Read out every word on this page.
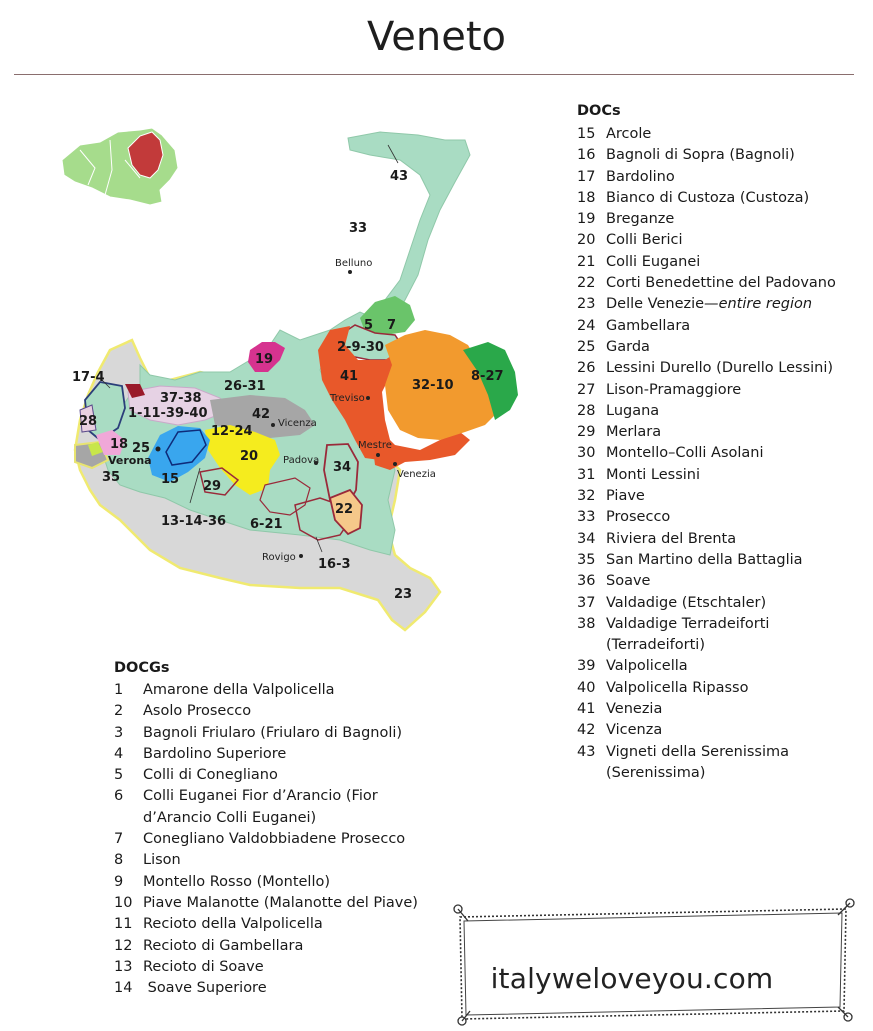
Veneto
43
33
5 7
2-9-30
19
41
32-10
8-27
17-4
37-38
1-11-39-40
26-31
42
28
18 25
12-24
20
35	15
34
29
13-14-36 6-21
22
16-3
23
Belluno
Treviso
Vicenza
Mestre
Venezia
Padova
Verona
Rovigo
DOCGs
1	Amarone della Valpolicella
2	Asolo Prosecco
3	Bagnoli Friularo (Friularo di Bagnoli)
4	Bardolino Superiore
5	Colli di Conegliano
6	Colli Euganei Fior d’Arancio (Fior d’Arancio Colli Euganei)
7	Conegliano Valdobbiadene Prosecco
8	Lison
9	Montello Rosso (Montello)
10 Piave Malanotte (Malanotte del Piave)
11 Recioto della Valpolicella
12 Recioto di Gambellara
13 Recioto di Soave
14 Soave Superiore
DOCs
15 Arcole
16 Bagnoli di Sopra (Bagnoli)
17 Bardolino
18 Bianco di Custoza (Custoza)
19 Breganze
20 Colli Berici
21 Colli Euganei
22 Corti Benedettine del Padovano
23 Delle Venezie—entire region
24 Gambellara
25 Garda
26 Lessini Durello (Durello Lessini)
27 Lison-Pramaggiore
28 Lugana
29 Merlara
30 Montello–Colli Asolani
31 Monti Lessini
32 Piave
33 Prosecco
34 Riviera del Brenta
35 San Martino della Battaglia
36 Soave
37 Valdadige (Etschtaler)
38 Valdadige Terradeiforti (Terradeiforti)
39 Valpolicella
40 Valpolicella Ripasso
41 Venezia
42 Vicenza
43 Vigneti della Serenissima (Serenissima)
italyweloveyou.com
